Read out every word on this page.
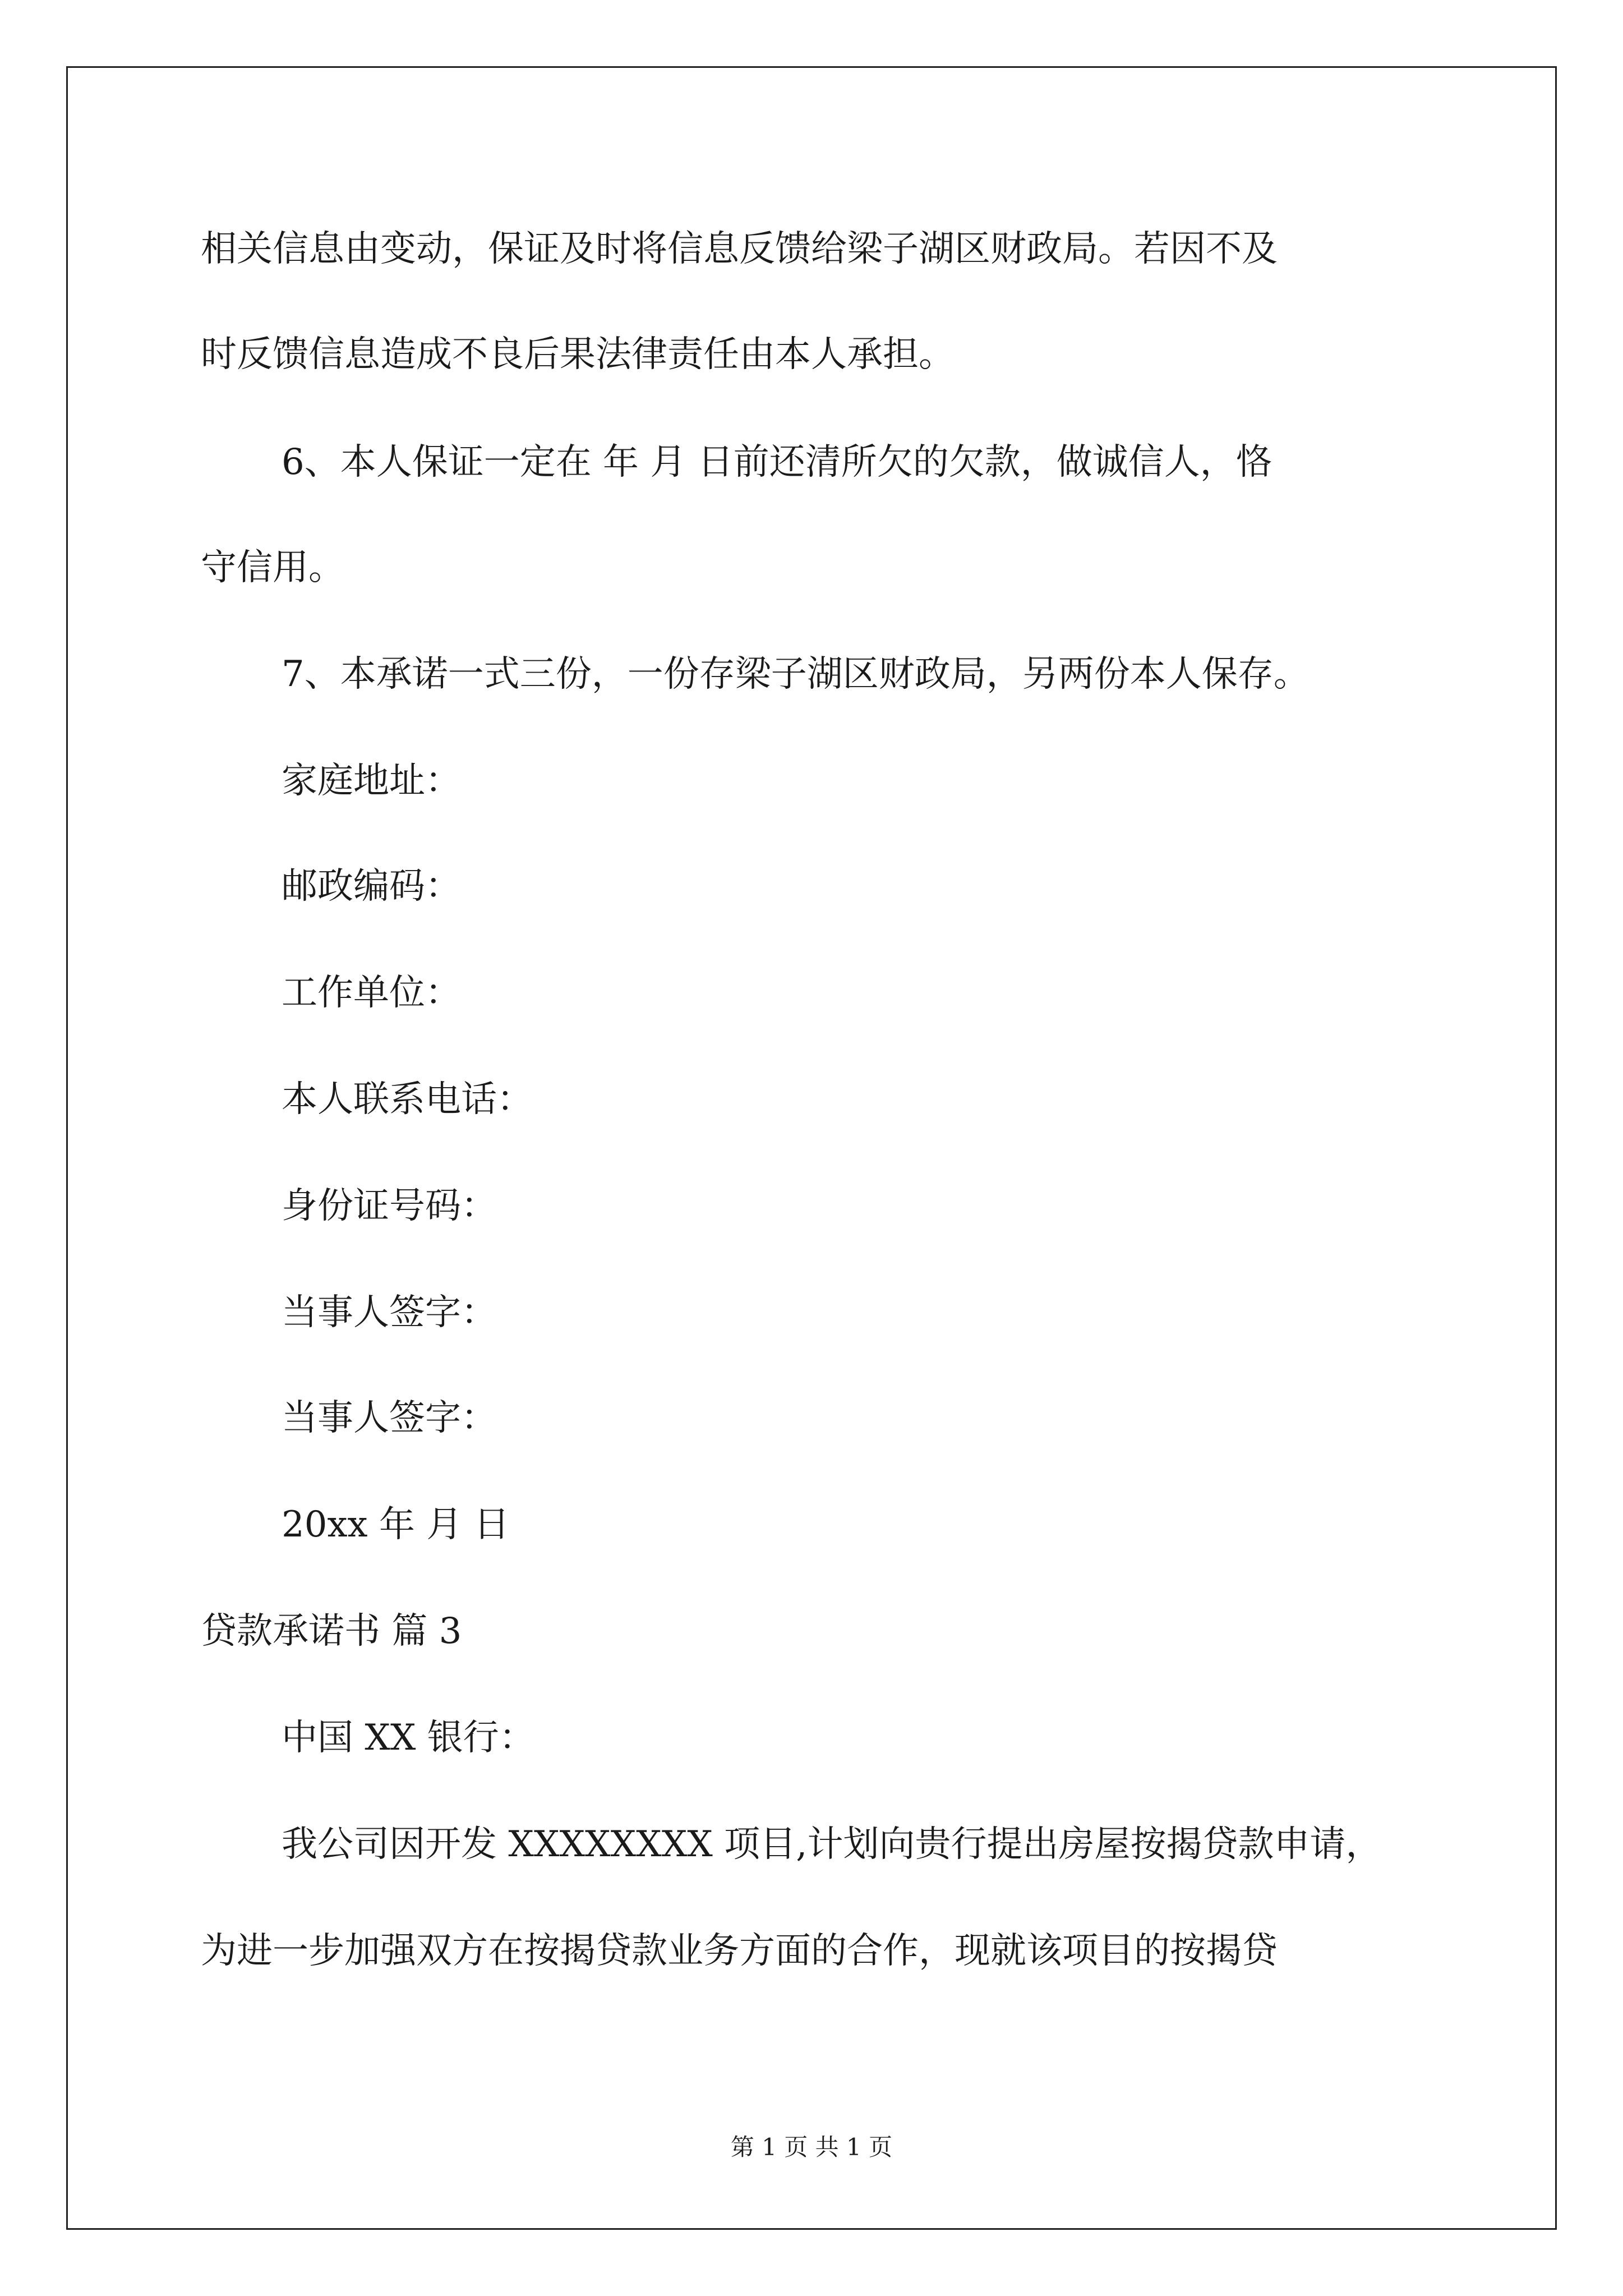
相关信息由变动，保证及时将信息反馈给梁子湖区财政局。若因不及
时反馈信息造成不良后果法律责任由本人承担。
6、本人保证一定在 年 月 日前还清所欠的欠款，做诚信人，恪
守信用。
7、本承诺一式三份，一份存梁子湖区财政局，另两份本人保存。
家庭地址：
邮政编码：
工作单位：
本人联系电话：
身份证号码：
当事人签字：
当事人签字：
20xx 年 月 日
贷款承诺书 篇 3
中国 XX 银行：
我公司因开发 XXXXXXXX 项目,计划向贵行提出房屋按揭贷款申请，
为进一步加强双方在按揭贷款业务方面的合作，现就该项目的按揭贷
第 1 页 共 1 页
